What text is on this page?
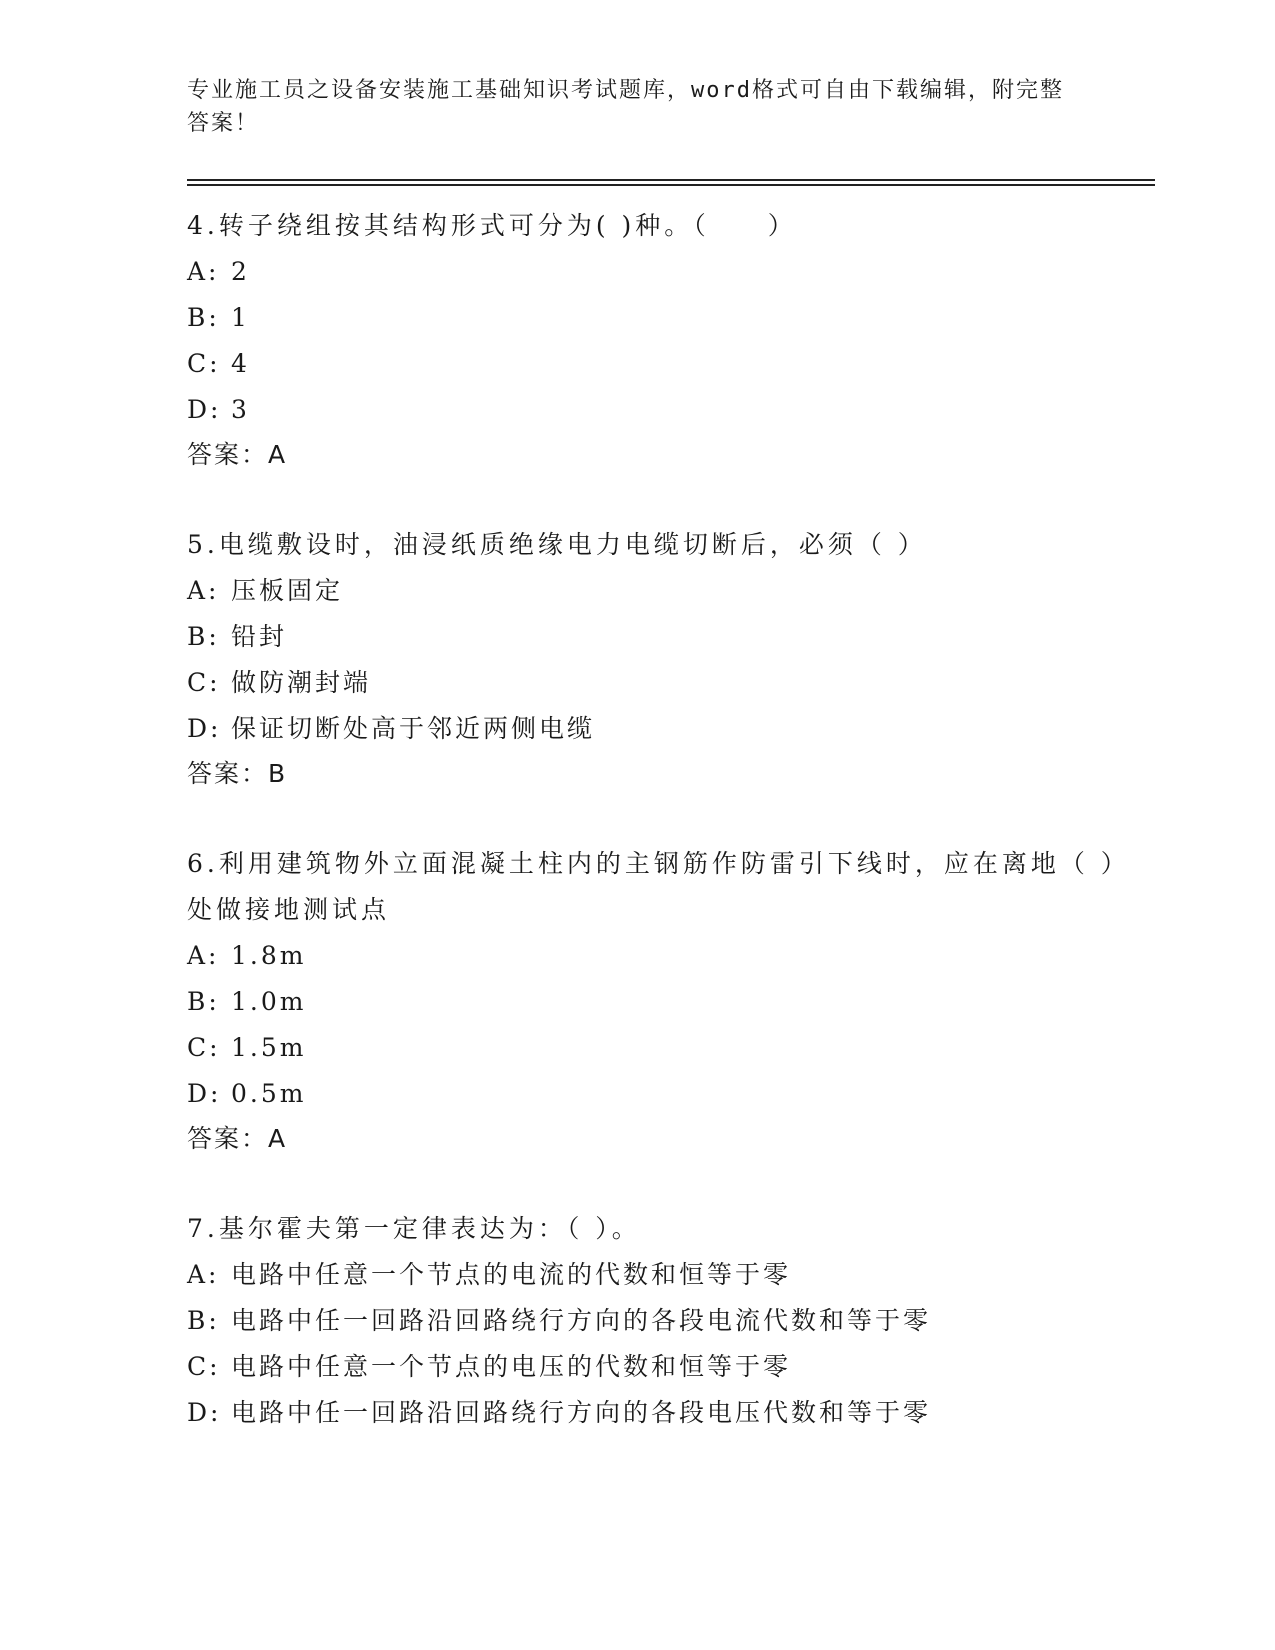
专业施工员之设备安装施工基础知识考试题库，word格式可自由下载编辑，附完整答案！
4.转子绕组按其结构形式可分为( )种。（　　）
A: 2
B: 1
C: 4
D: 3
答案：A
5.电缆敷设时，油浸纸质绝缘电力电缆切断后，必须（ ）
A: 压板固定
B: 铅封
C: 做防潮封端
D: 保证切断处高于邻近两侧电缆
答案：B
6.利用建筑物外立面混凝土柱内的主钢筋作防雷引下线时，应在离地（ ）处做接地测试点
A: 1.8m
B: 1.0m
C: 1.5m
D: 0.5m
答案：A
7.基尔霍夫第一定律表达为：（ ）。
A: 电路中任意一个节点的电流的代数和恒等于零
B: 电路中任一回路沿回路绕行方向的各段电流代数和等于零
C: 电路中任意一个节点的电压的代数和恒等于零
D: 电路中任一回路沿回路绕行方向的各段电压代数和等于零
